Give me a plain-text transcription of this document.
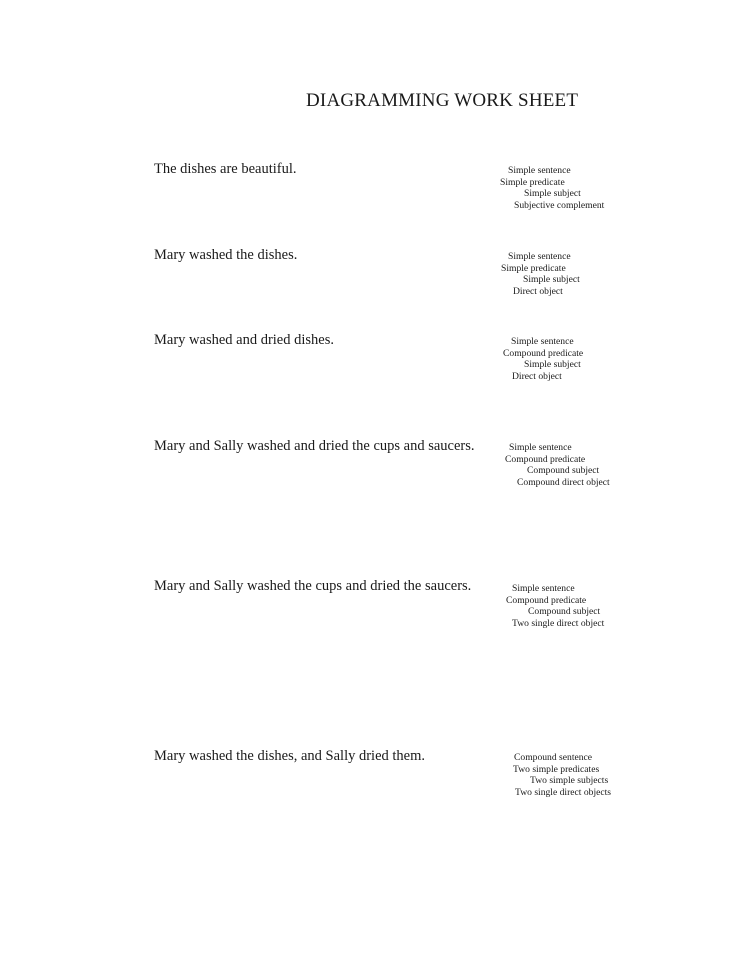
DIAGRAMMING WORK SHEET
The dishes are beautiful.	Simple sentence
Simple predicate
Simple subject
Subjective complement
Mary washed the dishes.	Simple sentence
Simple predicate
Simple subject
Direct object
Mary washed and dried dishes.	Simple sentence
Compound predicate
Simple subject
Direct object
Mary and Sally washed and dried the cups and saucers.	Simple sentence
Compound predicate
Compound subject
Compound direct object
Mary and Sally washed the cups and dried the saucers.	Simple sentence
Compound predicate
Compound subject
Two single direct object
Mary washed the dishes, and Sally dried them.	Compound sentence
Two simple predicates
Two simple subjects
Two single direct objects
